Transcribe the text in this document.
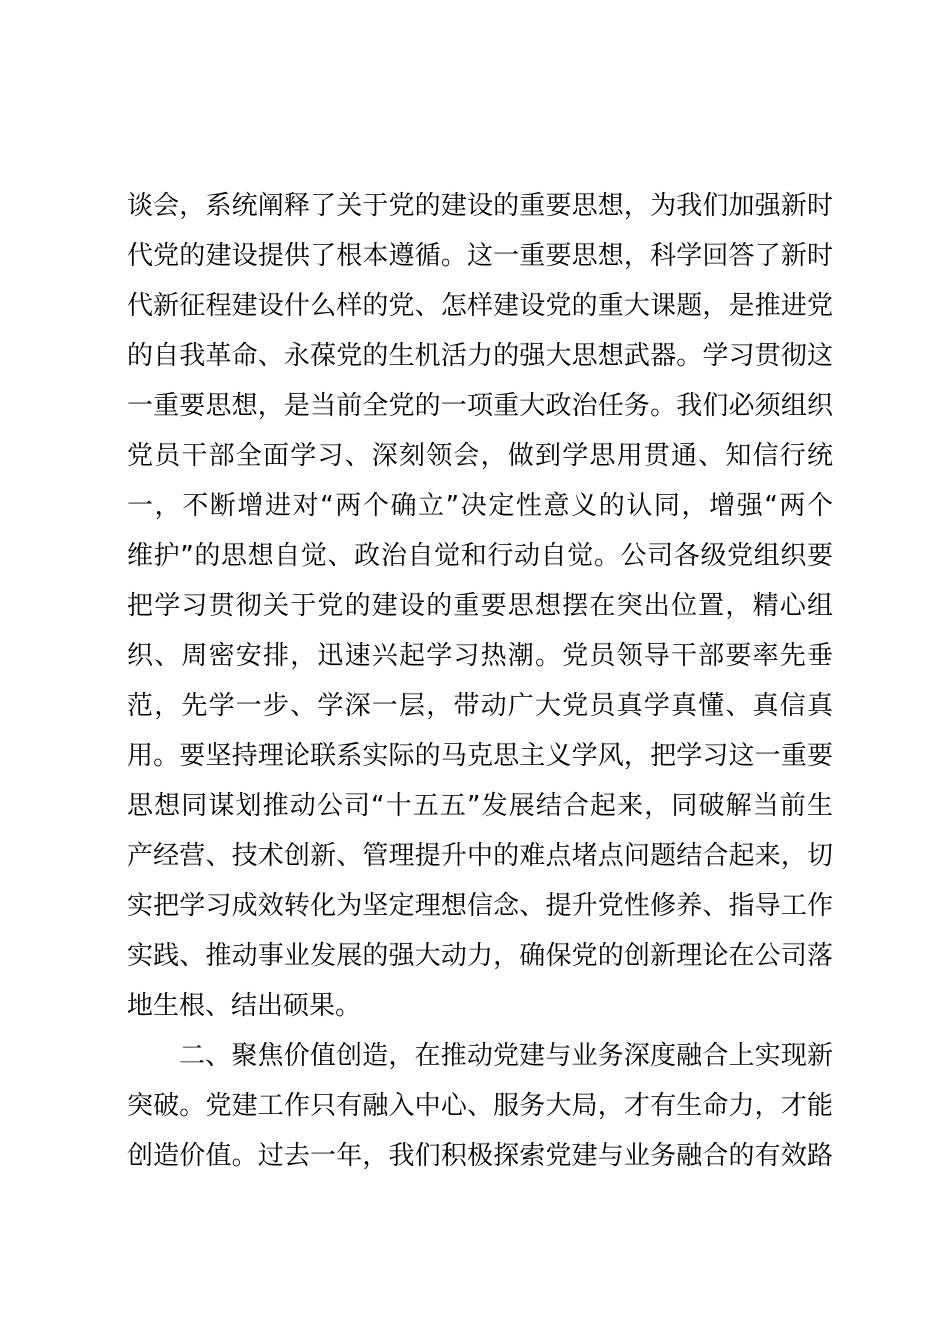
谈会，系统阐释了关于党的建设的重要思想，为我们加强新时
代党的建设提供了根本遵循。这一重要思想，科学回答了新时
代新征程建设什么样的党、怎样建设党的重大课题，是推进党
的自我革命、永葆党的生机活力的强大思想武器。学习贯彻这
一重要思想，是当前全党的一项重大政治任务。我们必须组织
党员干部全面学习、深刻领会，做到学思用贯通、知信行统
一，不断增进对“两个确立”决定性意义的认同，增强“两个
维护”的思想自觉、政治自觉和行动自觉。公司各级党组织要
把学习贯彻关于党的建设的重要思想摆在突出位置，精心组
织、周密安排，迅速兴起学习热潮。党员领导干部要率先垂
范，先学一步、学深一层，带动广大党员真学真懂、真信真
用。要坚持理论联系实际的马克思主义学风，把学习这一重要
思想同谋划推动公司“十五五”发展结合起来，同破解当前生
产经营、技术创新、管理提升中的难点堵点问题结合起来，切
实把学习成效转化为坚定理想信念、提升党性修养、指导工作
实践、推动事业发展的强大动力，确保党的创新理论在公司落
地生根、结出硕果。
二、聚焦价值创造，在推动党建与业务深度融合上实现新
突破。党建工作只有融入中心、服务大局，才有生命力，才能
创造价值。过去一年，我们积极探索党建与业务融合的有效路
